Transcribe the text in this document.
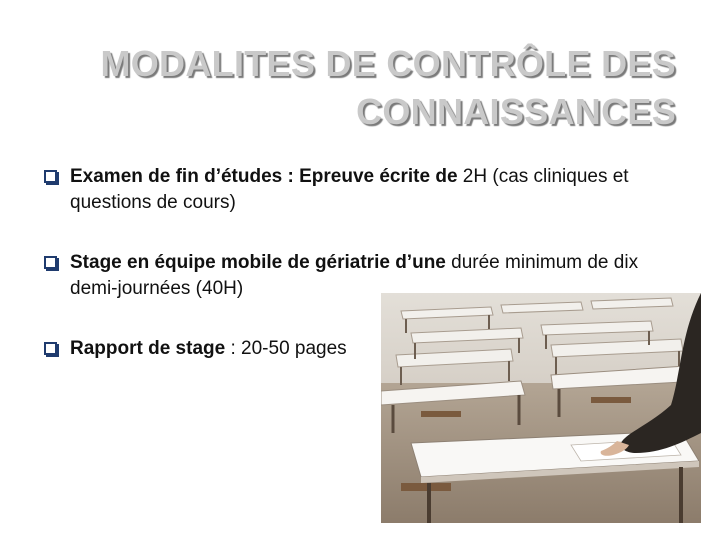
MODALITES DE CONTRÔLE DES
CONNAISSANCES
Examen de fin d’études : Epreuve écrite de 2H (cas cliniques et questions de cours)
Stage en équipe mobile de gériatrie d’une durée minimum de dix demi-journées (40H)
Rapport de stage : 20-50 pages
